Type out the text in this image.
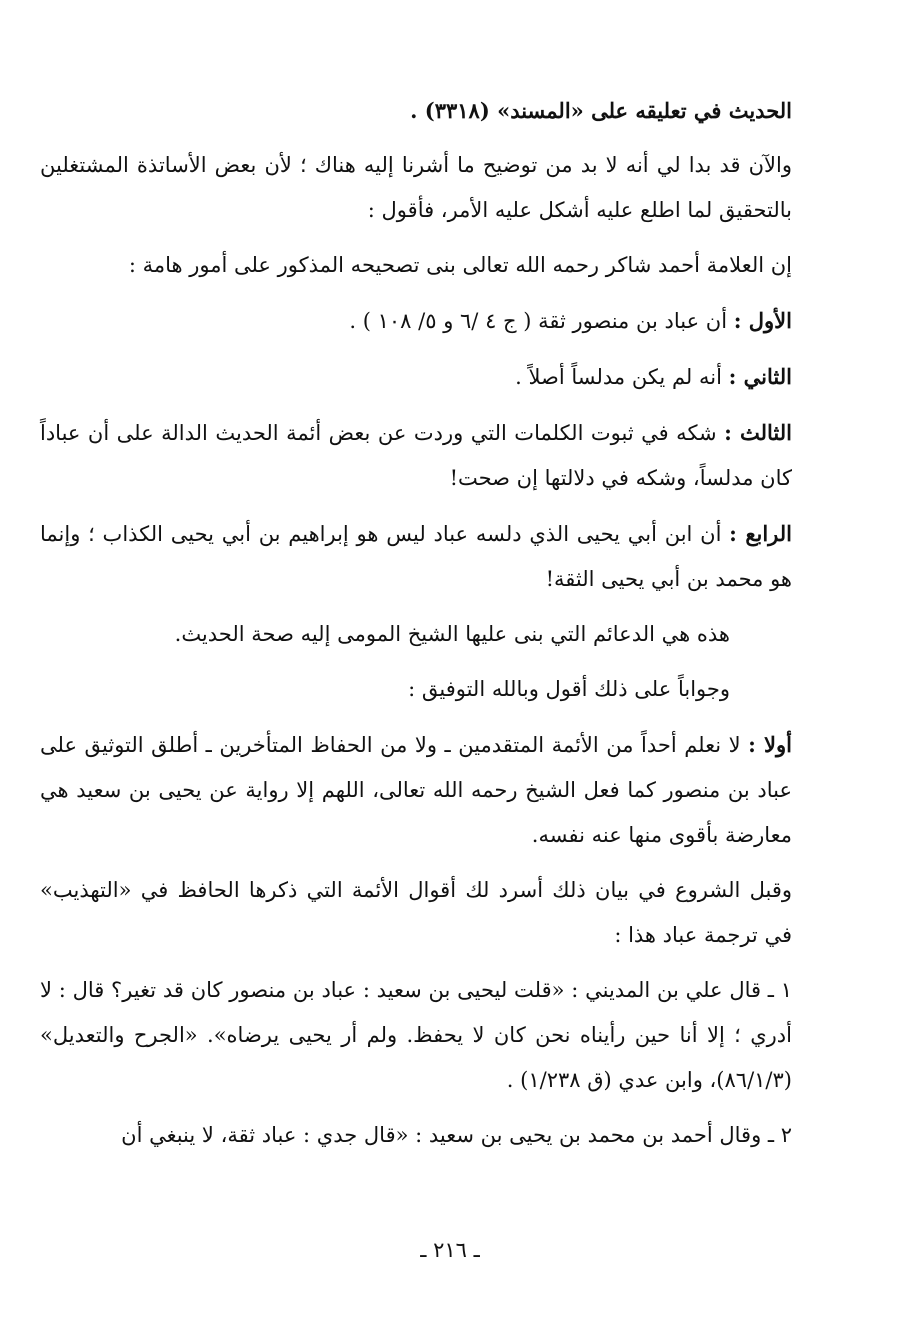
الحديث في تعليقه على «المسند» (٣٣١٨) .

والآن قد بدا لي أنه لا بد من توضيح ما أشرنا إليه هناك ؛ لأن بعض الأساتذة المشتغلين بالتحقيق لما اطلع عليه أشكل عليه الأمر، فأقول :

إن العلامة أحمد شاكر رحمه الله تعالى بنى تصحيحه المذكور على أمور هامة :

الأول : أن عباد بن منصور ثقة ( ج ٤ /٦ و ٥/ ١٠٨ ) .

الثاني : أنه لم يكن مدلساً أصلاً .

الثالث : شكه في ثبوت الكلمات التي وردت عن بعض أئمة الحديث الدالة على أن عباداً كان مدلساً، وشكه في دلالتها إن صحت!

الرابع : أن ابن أبي يحيى الذي دلسه عباد ليس هو إبراهيم بن أبي يحيى الكذاب ؛ وإنما هو محمد بن أبي يحيى الثقة!

هذه هي الدعائم التي بنى عليها الشيخ المومى إليه صحة الحديث.

وجواباً على ذلك أقول وبالله التوفيق :

أولا : لا نعلم أحداً من الأئمة المتقدمين ـ ولا من الحفاظ المتأخرين ـ أطلق التوثيق على عباد بن منصور كما فعل الشيخ رحمه الله تعالى، اللهم إلا رواية عن يحيى بن سعيد هي معارضة بأقوى منها عنه نفسه.

وقبل الشروع في بيان ذلك أسرد لك أقوال الأئمة التي ذكرها الحافظ في «التهذيب» في ترجمة عباد هذا :

١ ـ قال علي بن المديني : «قلت ليحيى بن سعيد : عباد بن منصور كان قد تغير؟ قال : لا أدري ؛ إلا أنا حين رأيناه نحن كان لا يحفظ. ولم أر يحيى يرضاه». «الجرح والتعديل» (٨٦/١/٣)، وابن عدي (ق ١/٢٣٨) .

٢ ـ وقال أحمد بن محمد بن يحيى بن سعيد : «قال جدي : عباد ثقة، لا ينبغي أن

ـ ٢١٦ ـ
